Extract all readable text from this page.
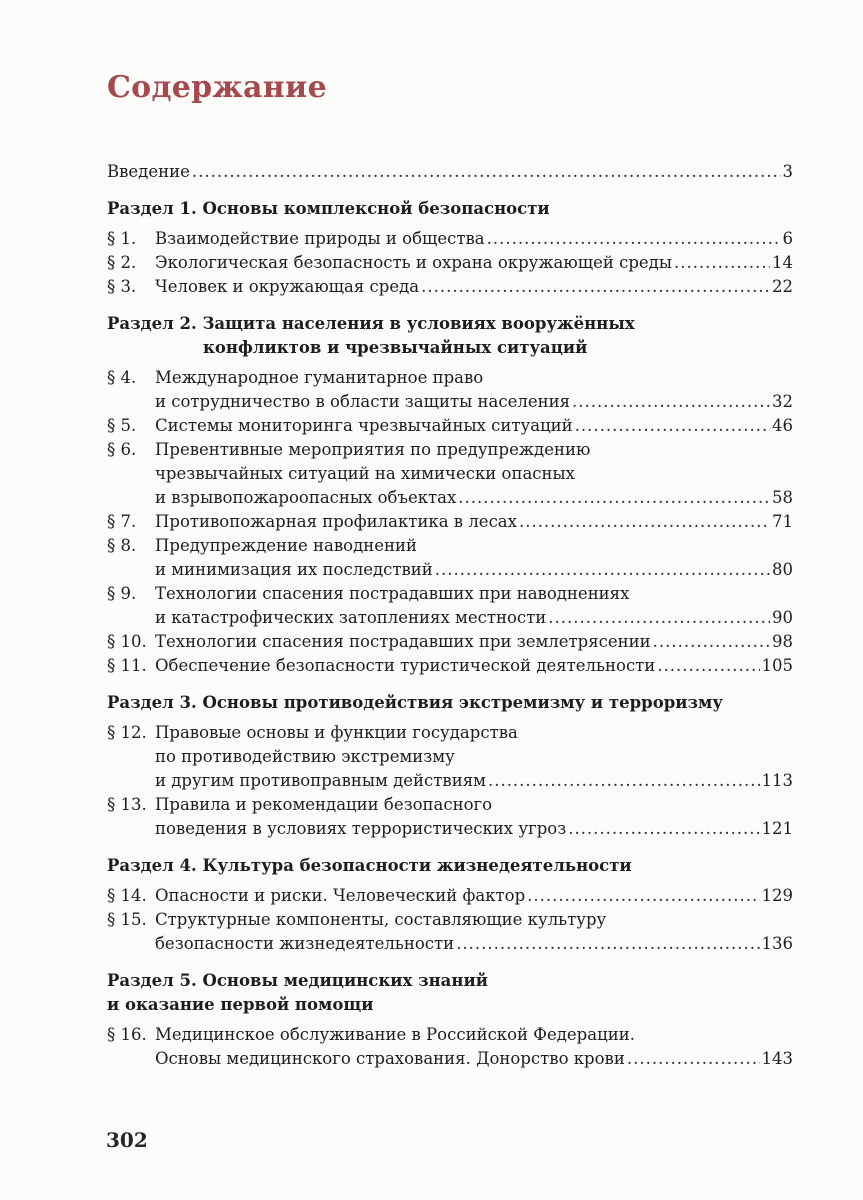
Содержание
Введение .....	3
Раздел 1. Основы комплексной безопасности
§ 1.	Взаимодействие природы и общества .....	6
§ 2.	Экологическая безопасность и охрана окружающей среды .....	14
§ 3.	Человек и окружающая среда .....	22
Раздел 2. Защита населения в условиях вооружённых
конфликтов и чрезвычайных ситуаций
§ 4.	Международное гуманитарное право
и сотрудничество в области защиты населения .....	32
§ 5.	Системы мониторинга чрезвычайных ситуаций .....	46
§ 6.	Превентивные мероприятия по предупреждению
чрезвычайных ситуаций на химически опасных
и взрывопожароопасных объектах .....	58
§ 7.	Противопожарная профилактика в лесах .....	71
§ 8.	Предупреждение наводнений
и минимизация их последствий .....	80
§ 9.	Технологии спасения пострадавших при наводнениях
и катастрофических затоплениях местности .....	90
§ 10. Технологии спасения пострадавших при землетрясении .....	98
§ 11. Обеспечение безопасности туристической деятельности .....	105
Раздел 3. Основы противодействия экстремизму и терроризму
§ 12. Правовые основы и функции государства
по противодействию экстремизму
и другим противоправным действиям .....	113
§ 13. Правила и рекомендации безопасного
поведения в условиях террористических угроз .....	121
Раздел 4. Культура безопасности жизнедеятельности
§ 14. Опасности и риски. Человеческий фактор .....	129
§ 15. Структурные компоненты, составляющие культуру
безопасности жизнедеятельности .....	136
Раздел 5. Основы медицинских знаний
и оказание первой помощи
§ 16. Медицинское обслуживание в Российской Федерации.
Основы медицинского страхования. Донорство крови .....	143
302
